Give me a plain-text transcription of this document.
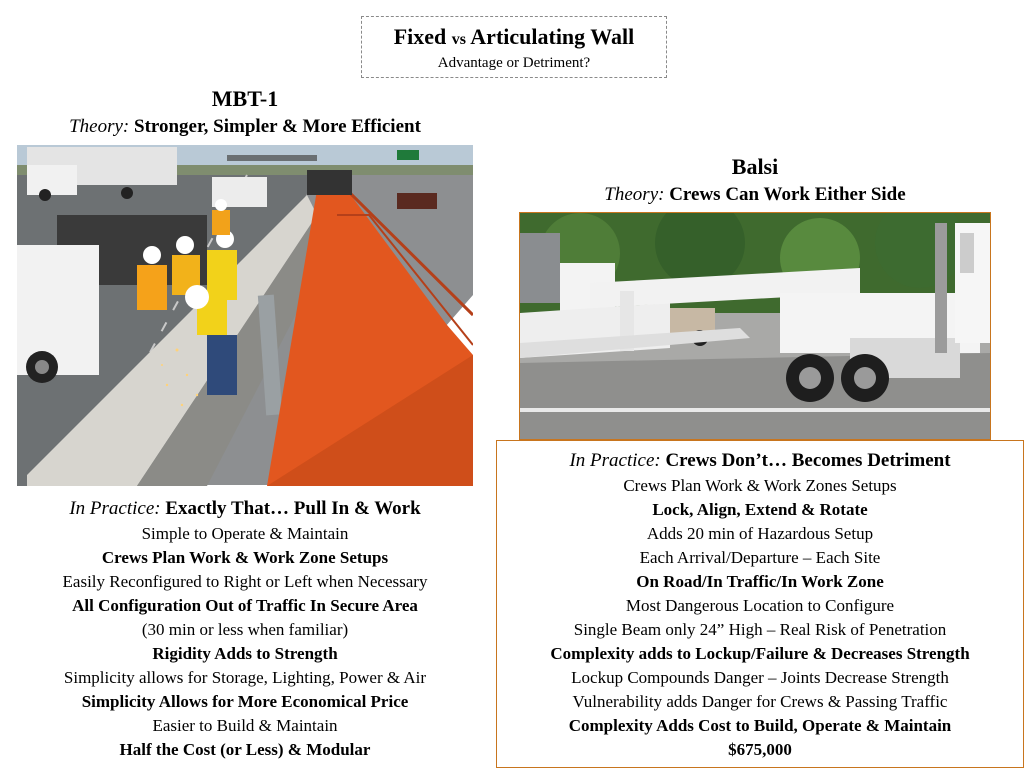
Fixed vs Articulating Wall
Advantage or Detriment?
MBT-1
Theory: Stronger, Simpler & More Efficient
In Practice: Exactly That… Pull In & Work
Simple to Operate & Maintain
Crews Plan Work & Work Zone Setups
Easily Reconfigured to Right or Left when Necessary
All Configuration Out of Traffic In Secure Area
(30 min or less when familiar)
Rigidity Adds to Strength
Simplicity allows for Storage, Lighting, Power & Air
Simplicity Allows for More Economical Price
Easier to Build & Maintain
Half the Cost (or Less) & Modular
Balsi
Theory: Crews Can Work Either Side
In Practice: Crews Don’t… Becomes Detriment
Crews Plan Work & Work Zones Setups
Lock, Align, Extend & Rotate
Adds 20 min of Hazardous Setup
Each Arrival/Departure – Each Site
On Road/In Traffic/In Work Zone
Most Dangerous Location to Configure
Single Beam only 24” High – Real Risk of Penetration
Complexity adds to Lockup/Failure & Decreases Strength
Lockup Compounds Danger – Joints Decrease Strength
Vulnerability adds Danger for Crews & Passing Traffic
Complexity Adds Cost to Build, Operate & Maintain
$675,000
